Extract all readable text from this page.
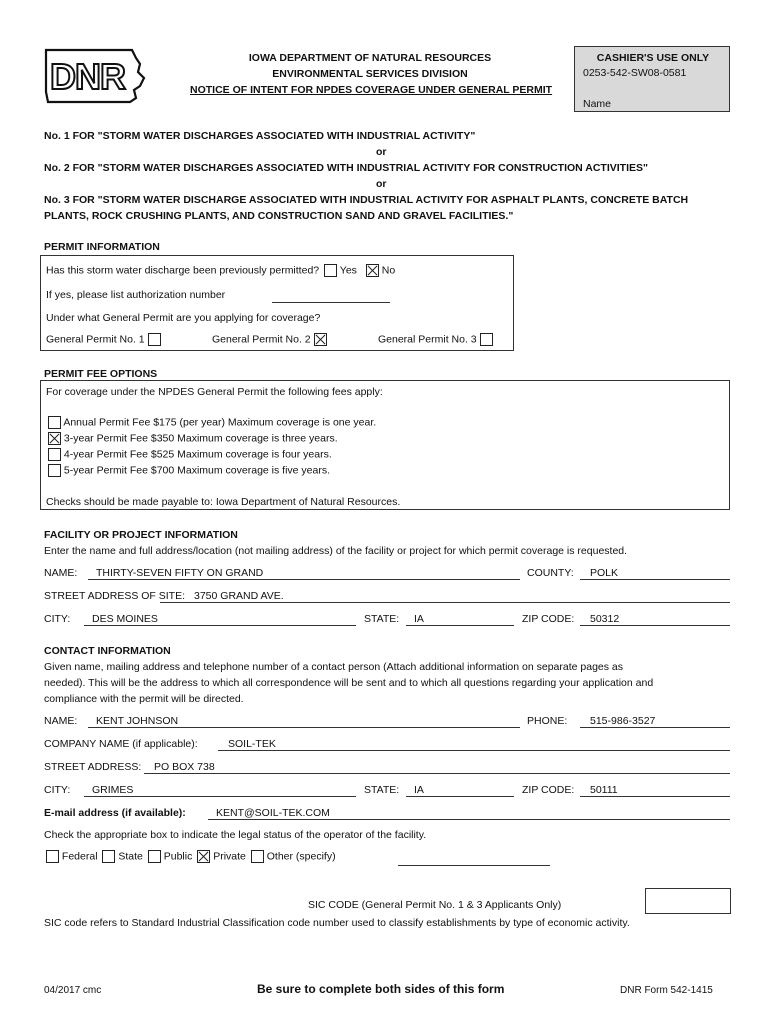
DNR	IOWA DEPARTMENT OF NATURAL RESOURCES
ENVIRONMENTAL SERVICES DIVISION
NOTICE OF INTENT FOR NPDES COVERAGE UNDER GENERAL PERMIT
CASHIER'S USE ONLY
0253-542-SW08-0581
Name
No. 1 FOR "STORM WATER DISCHARGES ASSOCIATED WITH INDUSTRIAL ACTIVITY"
or
No. 2 FOR "STORM WATER DISCHARGES ASSOCIATED WITH INDUSTRIAL ACTIVITY FOR CONSTRUCTION ACTIVITIES"
or
No. 3 FOR "STORM WATER DISCHARGE ASSOCIATED WITH INDUSTRIAL ACTIVITY FOR ASPHALT PLANTS, CONCRETE BATCH
PLANTS, ROCK CRUSHING PLANTS, AND CONSTRUCTION SAND AND GRAVEL FACILITIES."
PERMIT INFORMATION
Has this storm water discharge been previously permitted? Yes No
If yes, please list authorization number
Under what General Permit are you applying for coverage?
General Permit No. 1	General Permit No. 2	General Permit No. 3
PERMIT FEE OPTIONS
For coverage under the NPDES General Permit the following fees apply:
Annual Permit Fee $175 (per year) Maximum coverage is one year.
3-year Permit Fee $350 Maximum coverage is three years.
4-year Permit Fee $525 Maximum coverage is four years.
5-year Permit Fee $700 Maximum coverage is five years.
Checks should be made payable to: Iowa Department of Natural Resources.
FACILITY OR PROJECT INFORMATION
Enter the name and full address/location (not mailing address) of the facility or project for which permit coverage is requested.
NAME: THIRTY-SEVEN FIFTY ON GRAND	COUNTY: POLK
STREET ADDRESS OF SITE: 3750 GRAND AVE.
CITY: DES MOINES	STATE: IA	ZIP CODE: 50312
CONTACT INFORMATION
Given name, mailing address and telephone number of a contact person (Attach additional information on separate pages as
needed). This will be the address to which all correspondence will be sent and to which all questions regarding your application and
compliance with the permit will be directed.
NAME: KENT JOHNSON	PHONE: 515-986-3527
COMPANY NAME (if applicable):	SOIL-TEK
STREET ADDRESS: PO BOX 738
CITY: GRIMES	STATE: IA	ZIP CODE: 50111
E-mail address (if available):	KENT@SOIL-TEK.COM
Check the appropriate box to indicate the legal status of the operator of the facility.
Federal State Public Private Other (specify)
SIC CODE (General Permit No. 1 & 3 Applicants Only)
SIC code refers to Standard Industrial Classification code number used to classify establishments by type of economic activity.
04/2017 cmc	Be sure to complete both sides of this form	DNR Form 542-1415
